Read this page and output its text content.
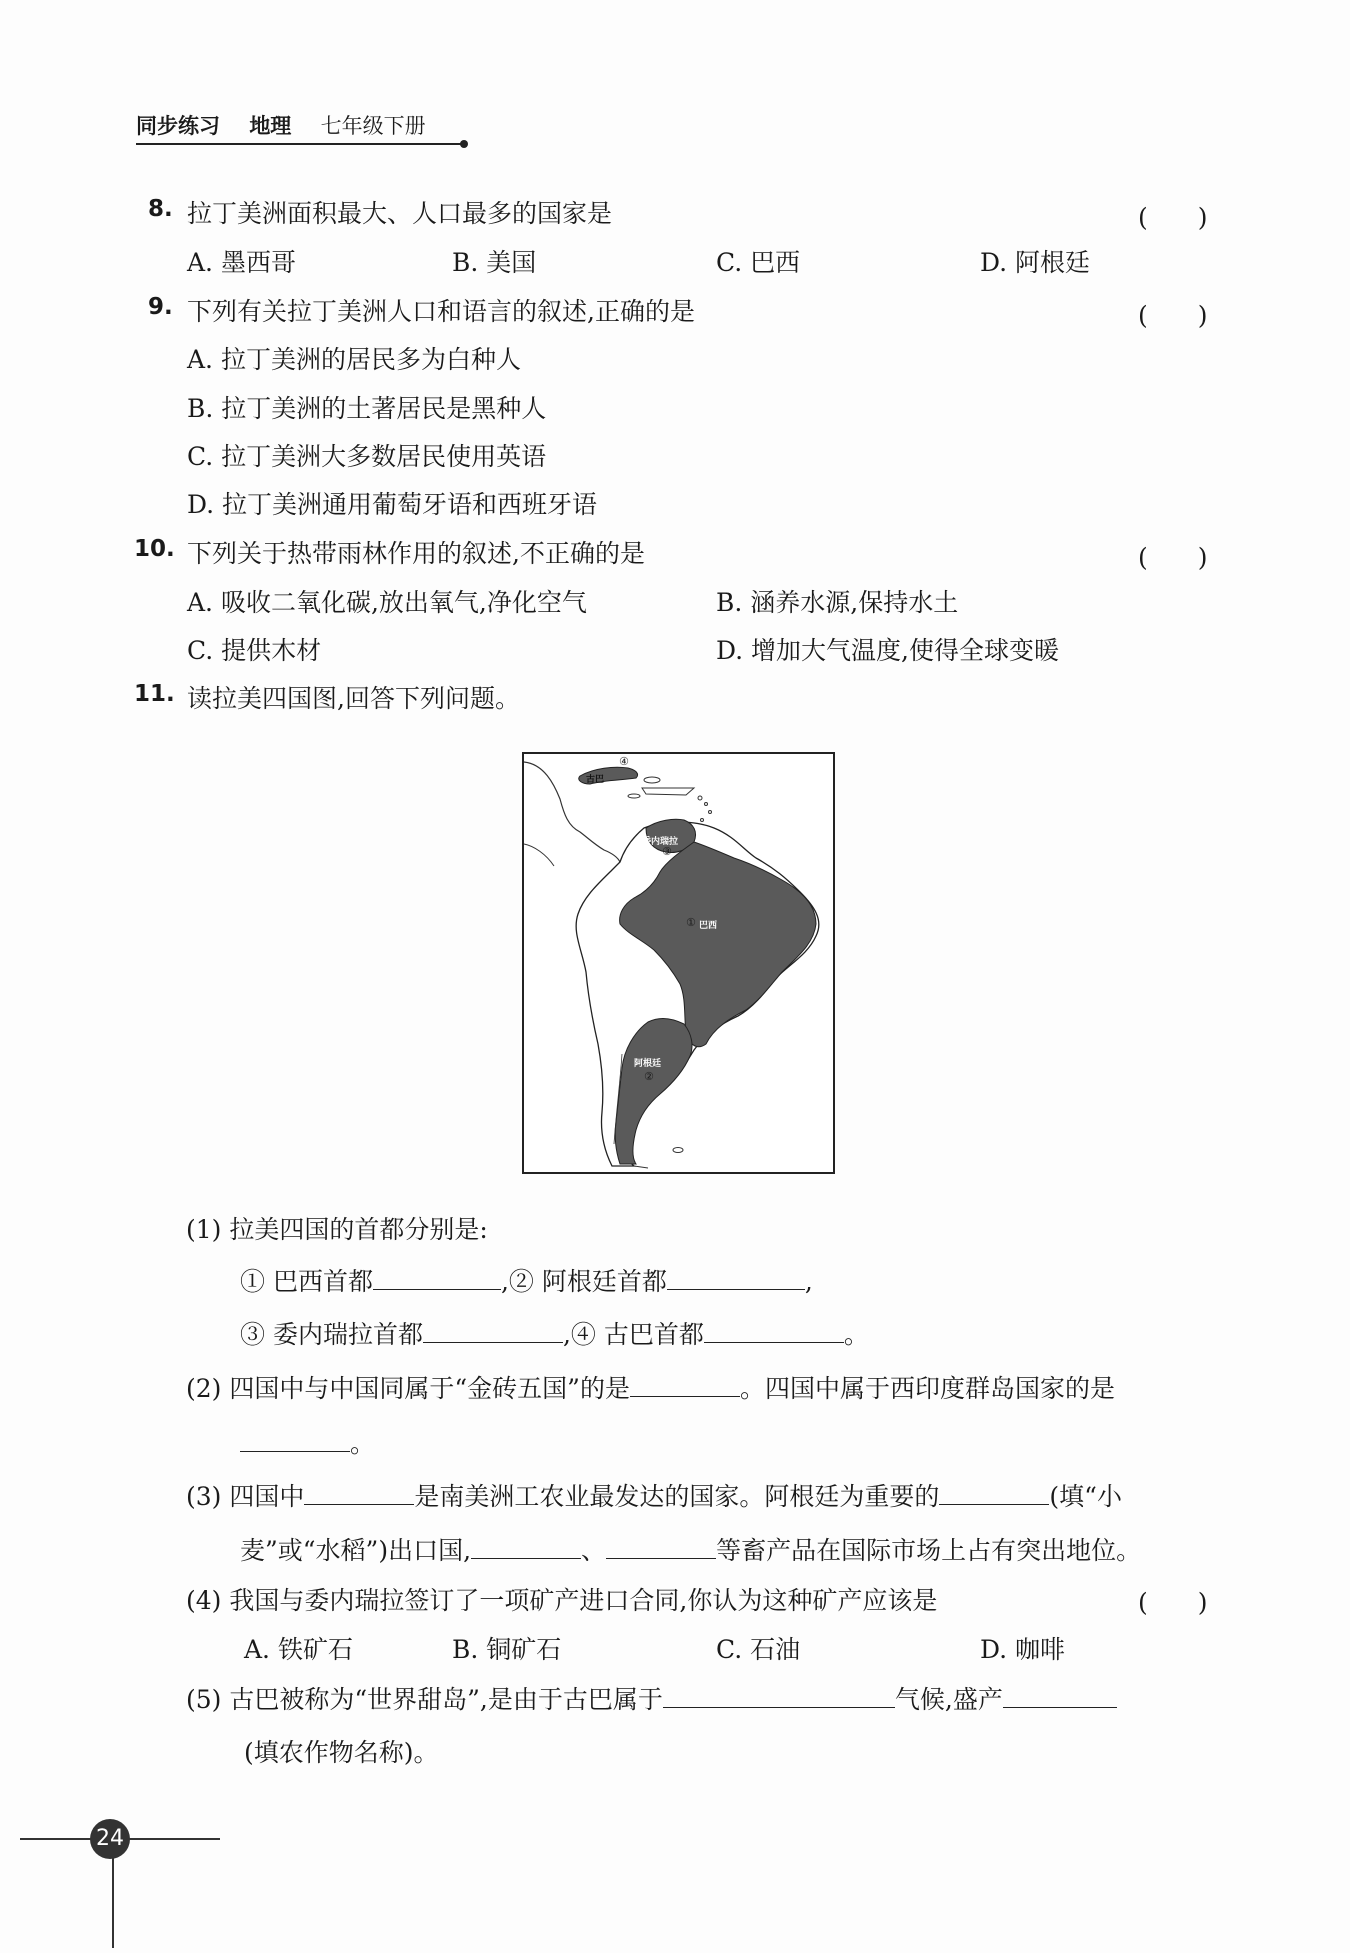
同步练习 地理 七年级下册
8. 拉丁美洲面积最大、人口最多的国家是	(　　)
A. 墨西哥	B. 美国	C. 巴西	D. 阿根廷
9. 下列有关拉丁美洲人口和语言的叙述,正确的是	(　　)
A. 拉丁美洲的居民多为白种人
B. 拉丁美洲的土著居民是黑种人
C. 拉丁美洲大多数居民使用英语
D. 拉丁美洲通用葡萄牙语和西班牙语
10. 下列关于热带雨林作用的叙述,不正确的是	(　　)
A. 吸收二氧化碳,放出氧气,净化空气	B. 涵养水源,保持水土
C. 提供木材	D. 增加大气温度,使得全球变暖
11. 读拉美四国图,回答下列问题。
古巴
④
委内瑞拉
③
巴西
①
阿根廷
②
(1) 拉美四国的首都分别是:
① 巴西首都	,② 阿根廷首都	,
③ 委内瑞拉首都	,④ 古巴首都	。
(2) 四国中与中国同属于“金砖五国”的是	。四国中属于西印度群岛国家的是
。
(3) 四国中	是南美洲工农业最发达的国家。阿根廷为重要的	(填“小
麦”或“水稻”)出口国,	、	等畜产品在国际市场上占有突出地位。
(4) 我国与委内瑞拉签订了一项矿产进口合同,你认为这种矿产应该是	(　　)
A. 铁矿石	B. 铜矿石	C. 石油	D. 咖啡
(5) 古巴被称为“世界甜岛”,是由于古巴属于	气候,盛产
(填农作物名称)。
24
